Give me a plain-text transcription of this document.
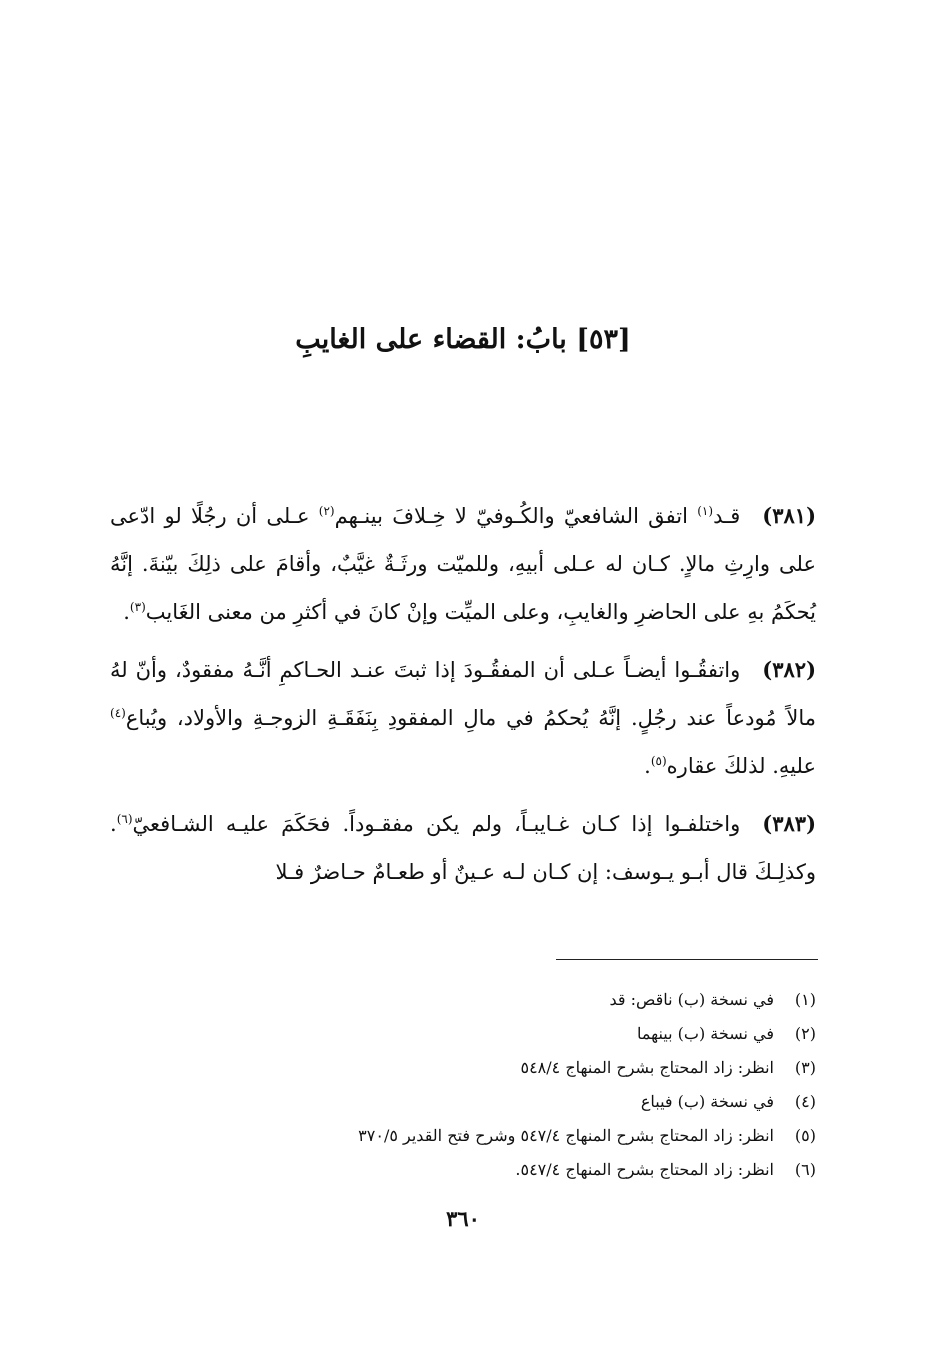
[٥٣] بابُ: القضاء على الغايبِ

(٣٨١)قـد$^{(١)}$ اتفق الشافعيّ والكُـوفيّ لا خِـلافَ بينـهم$^{(٢)}$ عـلى أن رجُلًا لو ادّعى على وارِثِ مالاٍ. كـان له عـلى أبيهِ، وللميّت ورثَـةٌ غيَّبٌ، وأقامَ على ذلِكَ بيّنةَ. إنَّهُ يُحكَمُ بهِ على الحاضرِ والغايبِ، وعلى الميِّت وإنْ كانَ في أكثرِ من معنى الغَايب$^{(٣)}$.

(٣٨٢)واتفقُـوا أيضـاً عـلى أن المفقُـودَ إذا ثبتَ عنـد الحـاكمِ أنَّـهُ مفقودٌ، وأنّ لهُ مالاً مُودعاً عند رجُلٍ. إنَّهُ يُحكمُ في مالِ المفقودِ بِنَفَقَـةِ الزوجـةِ والأولاد، ويُباع$^{(٤)}$ عليهِ. لذلكَ عقاره$^{(٥)}$.

(٣٨٣)واختلفـوا إذا كـان غـايبـاً، ولم يكن مفقـوداً. فحَكَمَ عليـه الشـافعيّ$^{(٦)}$. وكذلِـكَ قال أبـو يـوسف: إن كـان لـه عـينٌ أو طعـامٌ حـاضرٌ فـلا

(١)
في نسخة (ب) ناقص: قد
(٢)
في نسخة (ب) بينهما
(٣)
انظر: زاد المحتاج بشرح المنهاج ٥٤٨/٤
(٤)
في نسخة (ب) فيباع
(٥)
انظر: زاد المحتاج بشرح المنهاج ٥٤٧/٤ وشرح فتح القدير ٣٧٠/٥
(٦)
انظر: زاد المحتاج بشرح المنهاج ٥٤٧/٤.
٣٦٠
